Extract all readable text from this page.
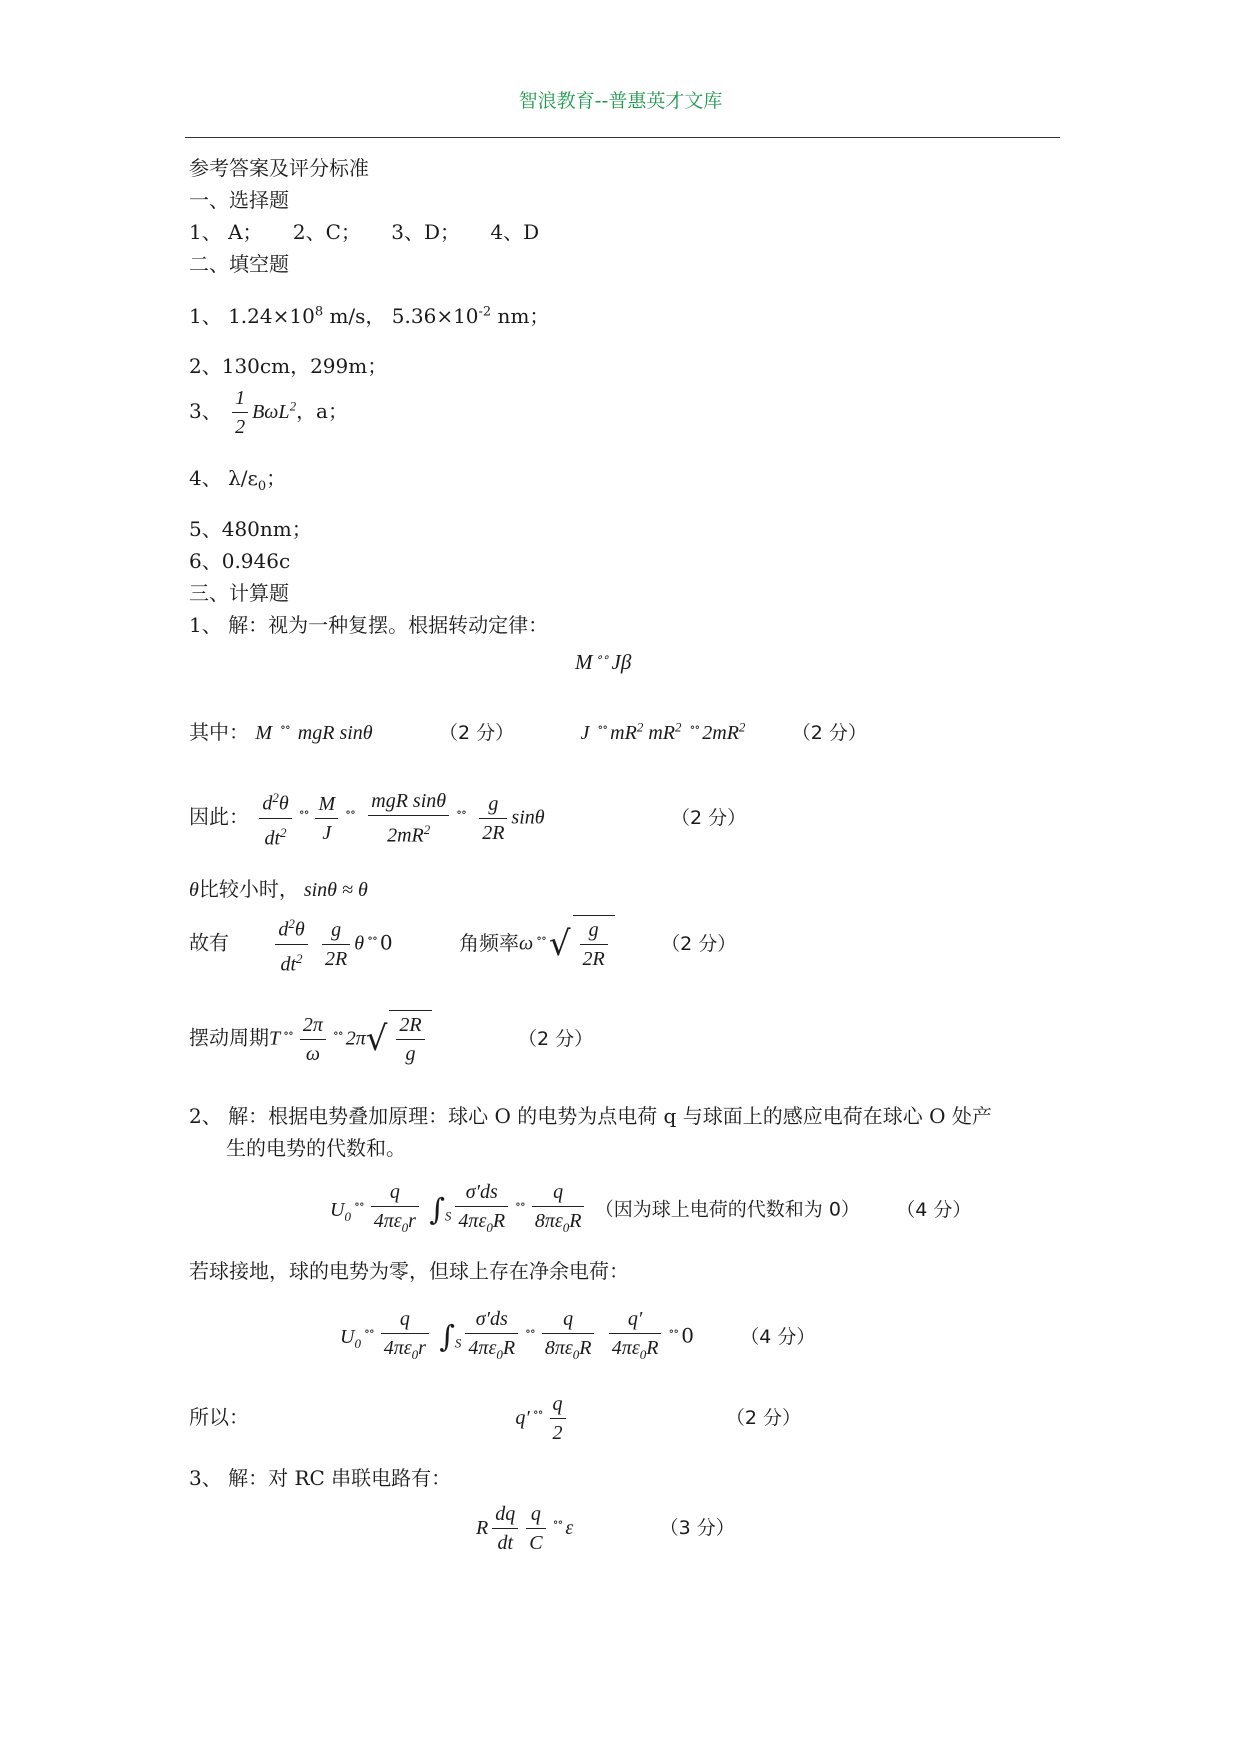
智浪教育--普惠英才文库
参考答案及评分标准
一、选择题
1、 A； 2、C； 3、D； 4、D
二、填空题
1、 $1.24\times 10^8$ m/s， $5.36\times 10^{-2}$ nm；
2、130cm，299m；
3、 $\frac{1}{2} B\omega L^2$，a；
4、 $\lambda/\varepsilon_0$；
5、480nm；
6、0.946c
三、计算题
1、 解：视为一种复摆。根据转动定律：
M ∘∘ Jβ
其中： M ∘∘ mgR sinθ	（2 分）	J ∘∘ $mR^2$ $mR^2$ ∘∘ $2mR^2$ （2 分）
因此： $\frac{d^2\theta}{dt^2} ^{\circ\circ} \frac{M}{J} ^{\circ\circ} \frac{\text{mgR sinθ}}{2mR^2} ^{\circ\circ} \frac{g}{2R}$ sinθ	（2 分）
θ比较小时， sinθ ≈ θ
故有 $\frac{d^2\theta}{dt^2}$
$\frac{g}{2R}$ θ ∘∘ 0	角频率ω $^{\circ\circ}√ \frac{g}{2R}$	（2 分）
摆动周期T $^{\circ\circ} \frac{2\pi}{\omega} ^{\circ\circ}$ $2\pi√ \frac{2R}{g}$	（2 分）
2、 解：根据电势叠加原理：球心 O 的电势为点电荷 q 与球面上的感应电荷在球心 O 处产
生的电势的代数和。
$U_0^{\circ\circ} \frac{q}{4\pi\varepsilon_0r} \int_S \frac{\sigma'ds}{4\pi\varepsilon_0R} ^{\circ\circ} \frac{q}{8\pi\varepsilon_0R}$ （因为球上电荷的代数和为 0） （4 分）
若球接地，球的电势为零，但球上存在净余电荷：
$U_0^{\circ\circ} \frac{q}{4\pi\varepsilon_0r} \int_S \frac{\sigma'ds}{4\pi\varepsilon_0R} ^{\circ\circ} \frac{q}{8\pi\varepsilon_0R}$
$\frac{q'}{4\pi\varepsilon_0R} ^{\circ\circ}$ 0 （4 分）
所以：	q′ $^{\circ\circ} \frac{q}{2}$	（2 分）
3、 解：对 RC 串联电路有：
R $\frac{dq}{dt} \frac{q}{C} ^{\circ\circ}$ ε	（3 分）
